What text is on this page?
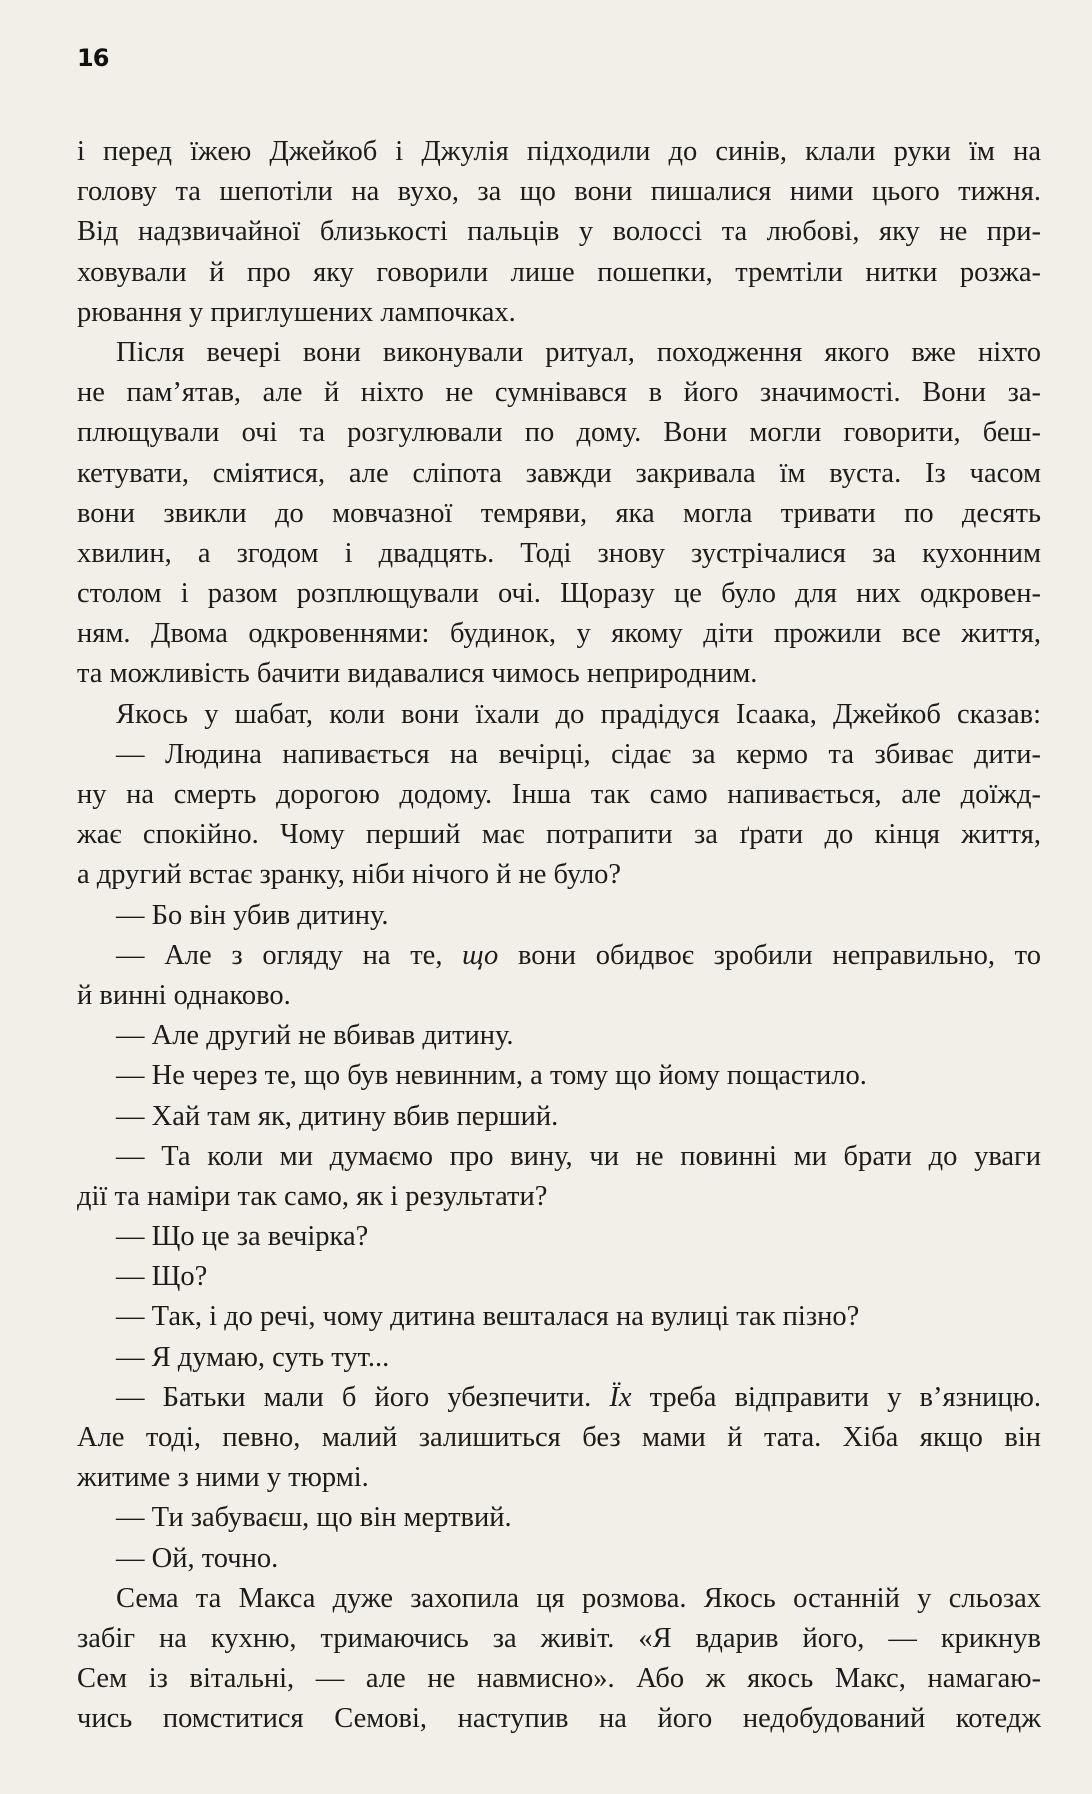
16
і перед їжею Джейкоб і Джулія підходили до синів, клали руки їм на
голову та шепотіли на вухо, за що вони пишалися ними цього тижня.
Від надзвичайної близькості пальців у волоссі та любові, яку не при-
ховували й про яку говорили лише пошепки, тремтіли нитки розжа-
рювання у приглушених лампочках.
Після вечері вони виконували ритуал, походження якого вже ніхто
не пам’ятав, але й ніхто не сумнівався в його значимості. Вони за-
плющували очі та розгулювали по дому. Вони могли говорити, беш-
кетувати, сміятися, але сліпота завжди закривала їм вуста. Із часом
вони звикли до мовчазної темряви, яка могла тривати по десять
хвилин, а згодом і двадцять. Тоді знову зустрічалися за кухонним
столом і разом розплющували очі. Щоразу це було для них одкровен-
ням. Двома одкровеннями: будинок, у якому діти прожили все життя,
та можливість бачити видавалися чимось неприродним.
Якось у шабат, коли вони їхали до прадідуся Ісаака, Джейкоб сказав:
— Людина напивається на вечірці, сідає за кермо та збиває дити-
ну на смерть дорогою додому. Інша так само напивається, але доїжд-
жає спокійно. Чому перший має потрапити за ґрати до кінця життя,
а другий встає зранку, ніби нічого й не було?
— Бо він убив дитину.
— Але з огляду на те, що вони обидвоє зробили неправильно, то
й винні однаково.
— Але другий не вбивав дитину.
— Не через те, що був невинним, а тому що йому пощастило.
— Хай там як, дитину вбив перший.
— Та коли ми думаємо про вину, чи не повинні ми брати до уваги
дії та наміри так само, як і результати?
— Що це за вечірка?
— Що?
— Так, і до речі, чому дитина вешталася на вулиці так пізно?
— Я думаю, суть тут...
— Батьки мали б його убезпечити. Їх треба відправити у в’язницю.
Але тоді, певно, малий залишиться без мами й тата. Хіба якщо він
житиме з ними у тюрмі.
— Ти забуваєш, що він мертвий.
— Ой, точно.
Сема та Макса дуже захопила ця розмова. Якось останній у сльозах
забіг на кухню, тримаючись за живіт. «Я вдарив його, — крикнув
Сем із вітальні, — але не навмисно». Або ж якось Макс, намагаю-
чись помститися Семові, наступив на його недобудований котедж
